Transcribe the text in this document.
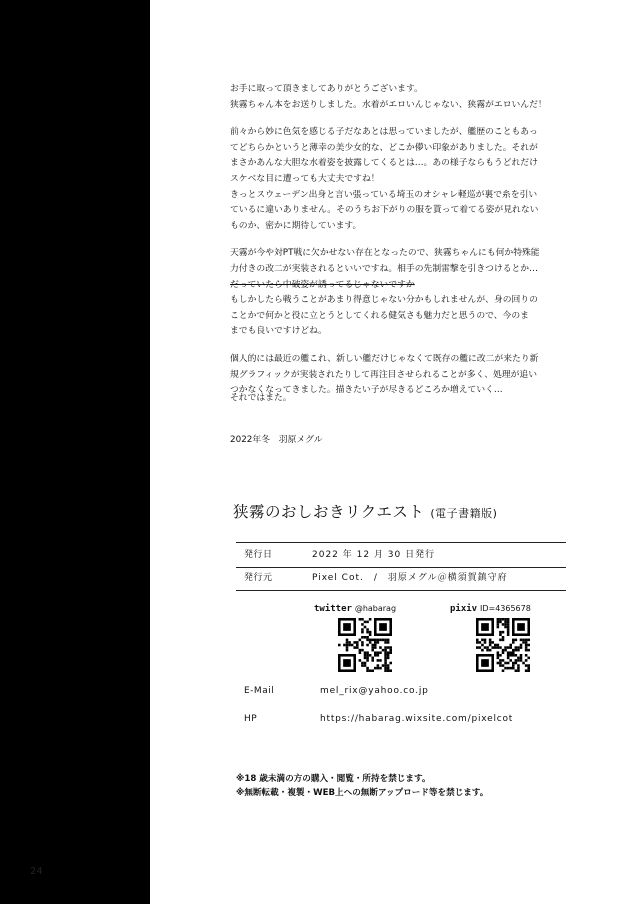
24
お手に取って頂きましてありがとうございます。
狭霧ちゃん本をお送りしました。水着がエロいんじゃない、狭霧がエロいんだ！
前々から妙に色気を感じる子だなあとは思っていましたが、艦歴のこともあっ
てどちらかというと薄幸の美少女的な、どこか儚い印象がありました。それが
まさかあんな大胆な水着姿を披露してくるとは…。あの様子ならもうどれだけ
スケベな目に遭っても大丈夫ですね！
きっとスウェーデン出身と言い張っている埼玉のオシャレ軽巡が裏で糸を引い
ているに違いありません。そのうちお下がりの服を貰って着てる姿が見れない
ものか、密かに期待しています。
天霧が今や対PT戦に欠かせない存在となったので、狭霧ちゃんにも何か特殊能
力付きの改二が実装されるといいですね。相手の先制雷撃を引きつけるとか…
だっていたら中破姿が誘ってるじゃないですか
もしかしたら戦うことがあまり得意じゃない分かもしれませんが、身の回りの
ことかで何かと役に立とうとしてくれる健気さも魅力だと思うので、今のま
までも良いですけどね。
個人的には最近の艦これ、新しい艦だけじゃなくて既存の艦に改二が来たり新
規グラフィックが実装されたりして再注目させられることが多く、処理が追い
つかなくなってきました。描きたい子が尽きるどころか増えていく…
それではまた。
2022年冬　羽原メグル
狭霧のおしおきリクエスト (電子書籍版)
発行日	2022 年 12 月 30 日発行
発行元	Pixel Cot.　/　羽原メグル＠横須賀鎮守府
twitter @habarag	pixiv ID=4365678
E-Mail	mel_rix@yahoo.co.jp
HP	https://habarag.wixsite.com/pixelcot
※18 歳未満の方の購入・閲覧・所持を禁じます。
※無断転載・複製・WEB上への無断アップロード等を禁じます。
